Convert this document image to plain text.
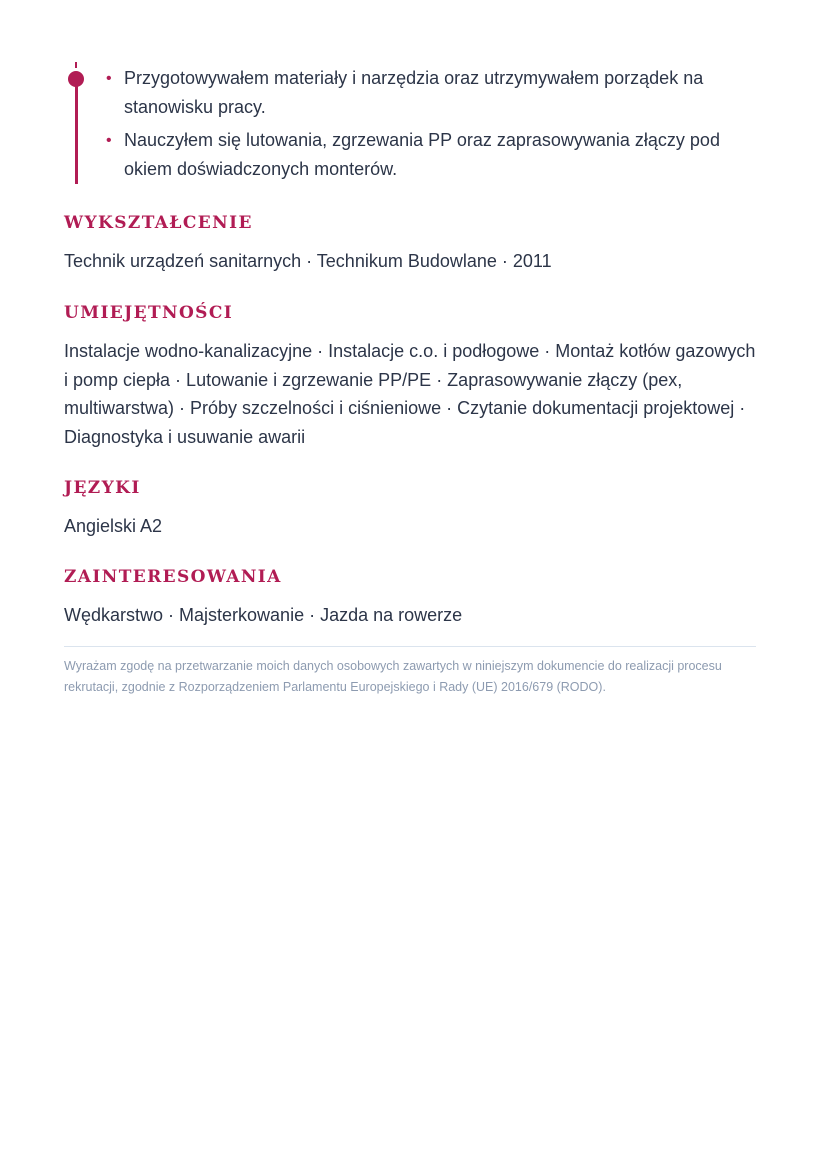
• Przygotowywałem materiały i narzędzia oraz utrzymywałem porządek na stanowisku pracy.
• Nauczyłem się lutowania, zgrzewania PP oraz zaprasowywania złączy pod okiem doświadczonych monterów.
WYKSZTAŁCENIE

Technik urządzeń sanitarnych · Technikum Budowlane · 2011

UMIEJĘTNOŚCI

Instalacje wodno-kanalizacyjne · Instalacje c.o. i podłogowe · Montaż kotłów gazowych i pomp ciepła · Lutowanie i zgrzewanie PP/PE · Zaprasowywanie złączy (pex, multiwarstwa) · Próby szczelności i ciśnieniowe · Czytanie dokumentacji projektowej · Diagnostyka i usuwanie awarii

JĘZYKI

Angielski A2

ZAINTERESOWANIA

Wędkarstwo · Majsterkowanie · Jazda na rowerze

Wyrażam zgodę na przetwarzanie moich danych osobowych zawartych w niniejszym dokumencie do realizacji procesu rekrutacji, zgodnie z Rozporządzeniem Parlamentu Europejskiego i Rady (UE) 2016/679 (RODO).
